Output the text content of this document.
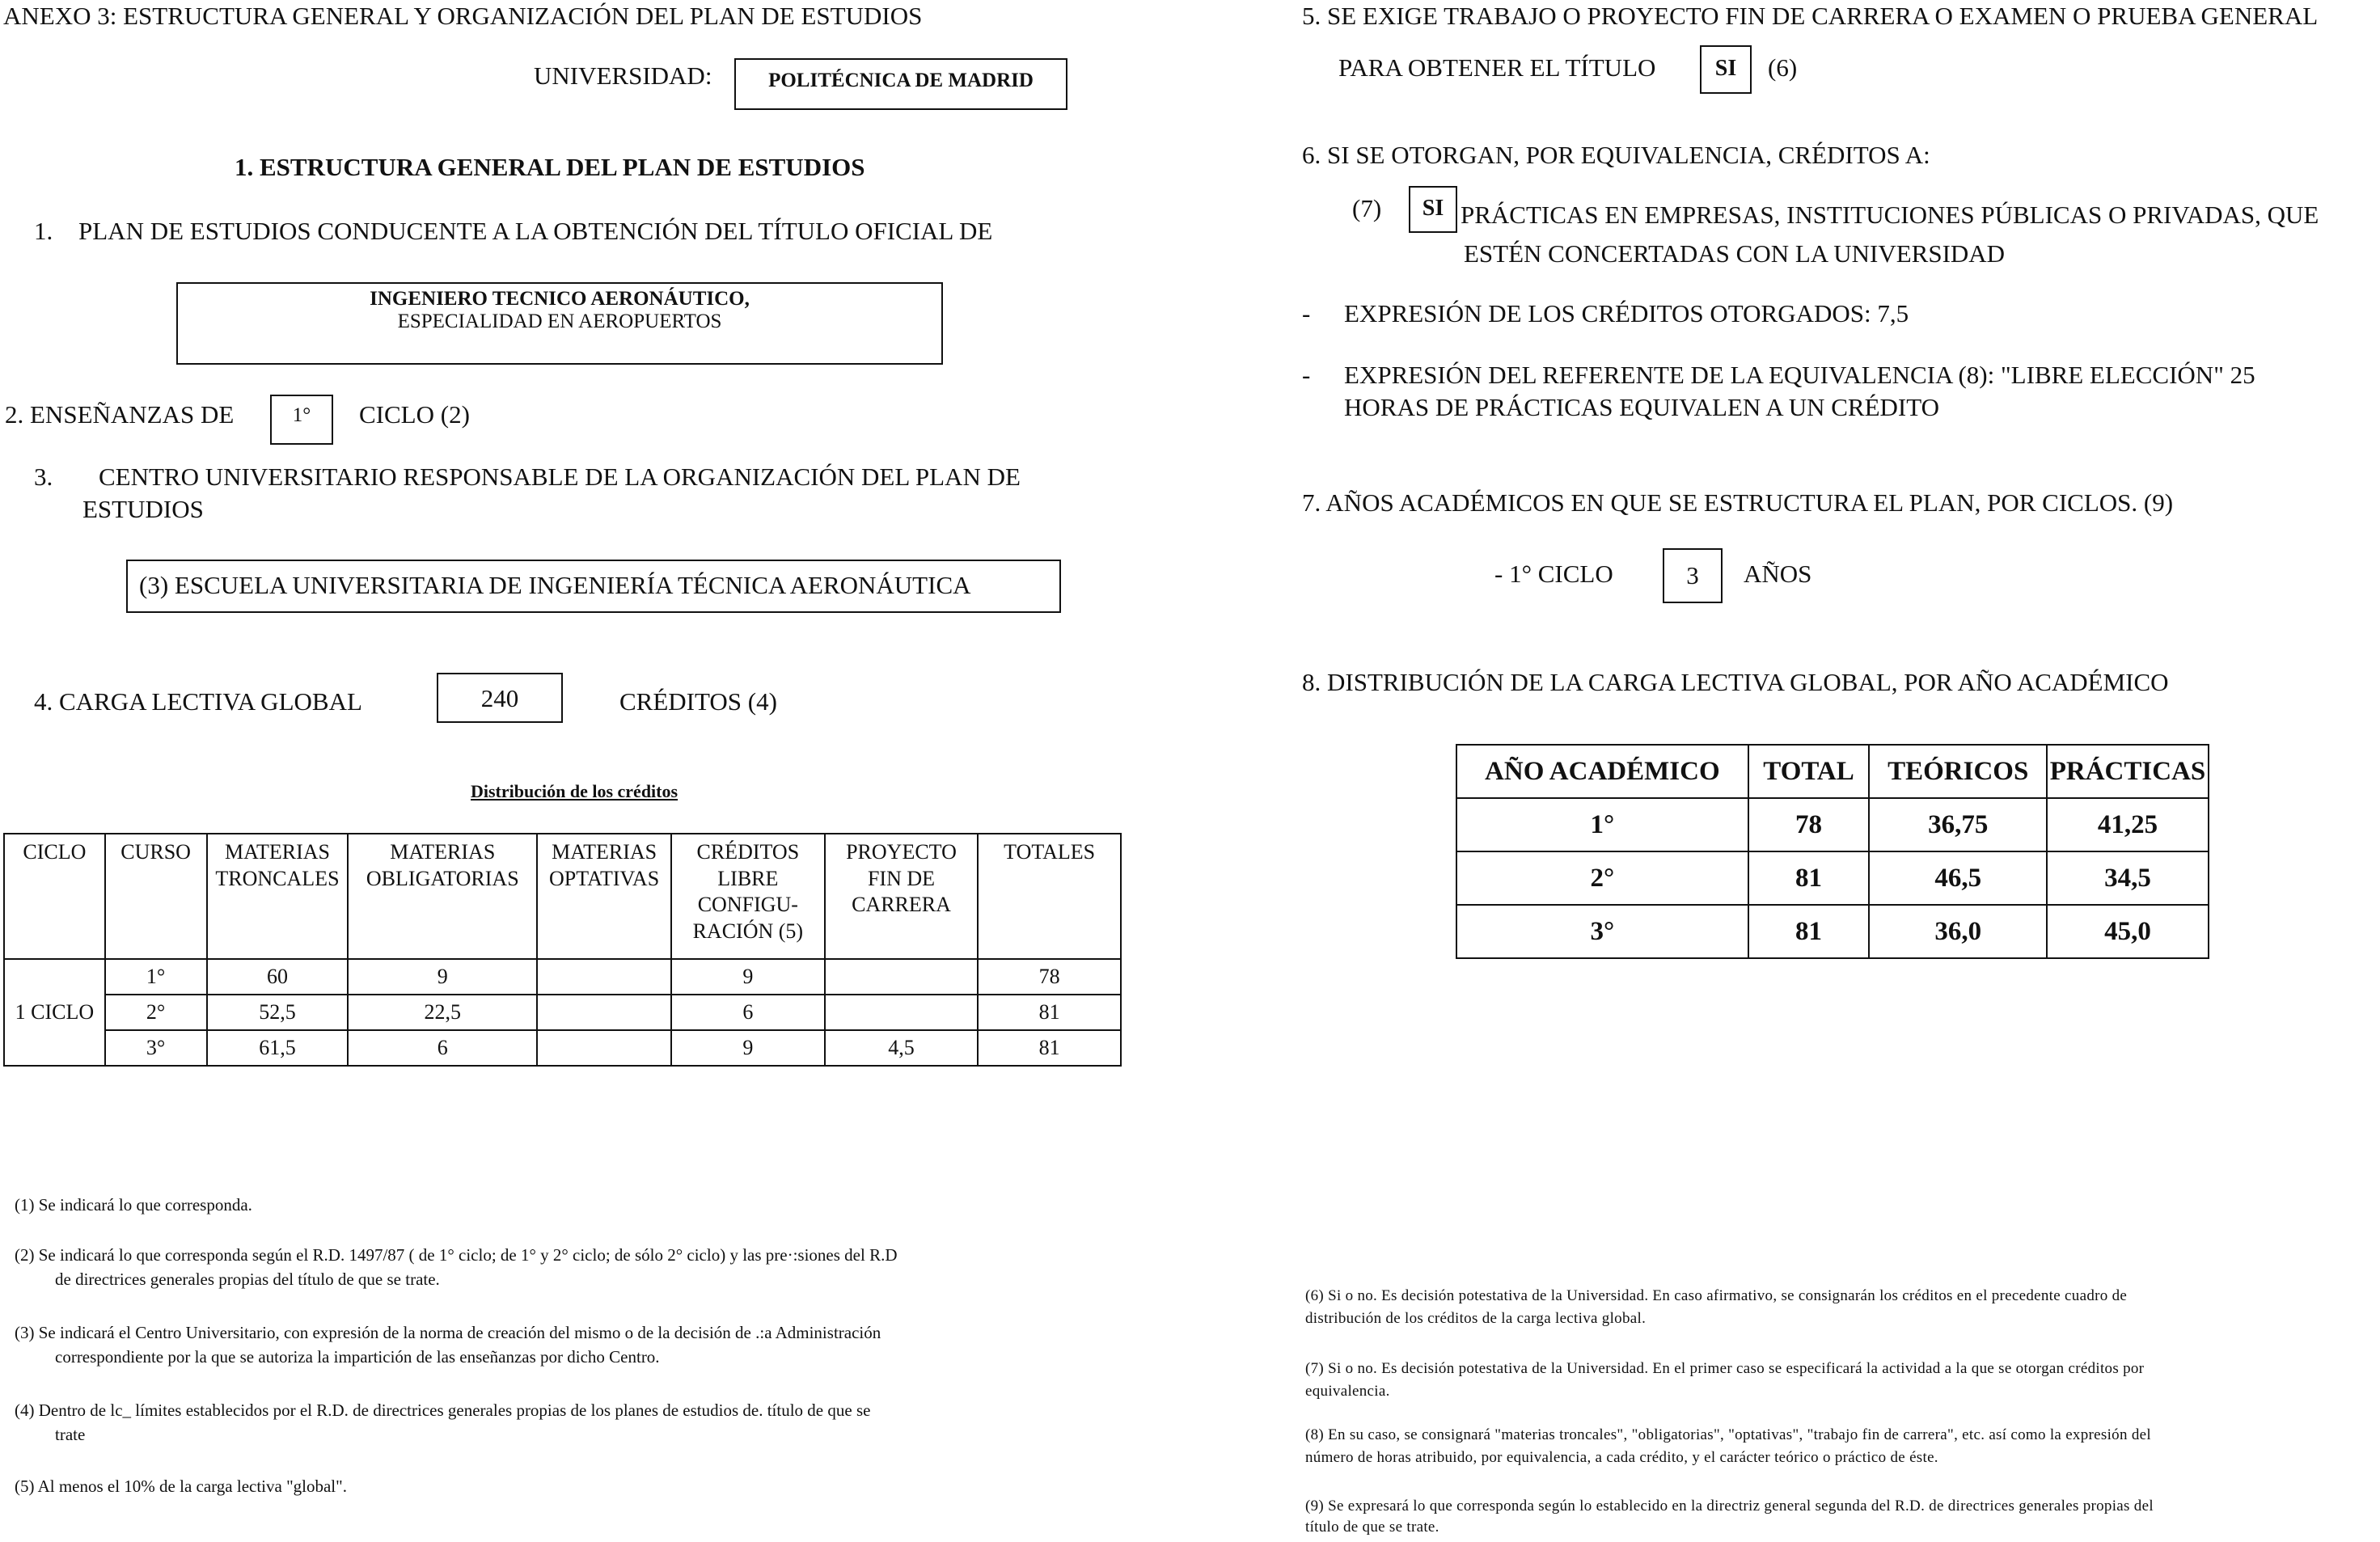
ANEXO 3: ESTRUCTURA GENERAL Y ORGANIZACIÓN DEL PLAN DE ESTUDIOS
UNIVERSIDAD:	POLITÉCNICA DE MADRID
1. ESTRUCTURA GENERAL DEL PLAN DE ESTUDIOS
1. PLAN DE ESTUDIOS CONDUCENTE A LA OBTENCIÓN DEL TÍTULO OFICIAL DE
INGENIERO TECNICO AERONÁUTICO,
ESPECIALIDAD EN AEROPUERTOS
2. ENSEÑANZAS DE	1°	CICLO (2)
3. CENTRO UNIVERSITARIO RESPONSABLE DE LA ORGANIZACIÓN DEL PLAN DE
ESTUDIOS
(3) ESCUELA UNIVERSITARIA DE INGENIERÍA TÉCNICA AERONÁUTICA
4. CARGA LECTIVA GLOBAL	240	CRÉDITOS (4)
Distribución de los créditos
CICLO	CURSO	MATERIAS TRONCALES	MATERIAS OBLIGATORIAS	MATERIAS OPTATIVAS	CRÉDITOS LIBRE CONFIGU- RACIÓN (5)	PROYECTO FIN DE CARRERA	TOTALES
1 CICLO	1°	60	9		9		78
	2°	52,5	22,5		6		81
	3°	61,5	6		9	4,5	81
(1) Se indicará lo que corresponda.
(2) Se indicará lo que corresponda según el R.D. 1497/87 ( de 1° ciclo; de 1° y 2° ciclo; de sólo 2° ciclo) y las pre·:siones del R.D
de directrices generales propias del título de que se trate.
(3) Se indicará el Centro Universitario, con expresión de la norma de creación del mismo o de la decisión de .:a Administración
correspondiente por la que se autoriza la impartición de las enseñanzas por dicho Centro.
(4) Dentro de lc_ límites establecidos por el R.D. de directrices generales propias de los planes de estudios de. título de que se
trate
(5) Al menos el 10% de la carga lectiva "global".
5. SE EXIGE TRABAJO O PROYECTO FIN DE CARRERA O EXAMEN O PRUEBA GENERAL
PARA OBTENER EL TÍTULO	SI	(6)
6. SI SE OTORGAN, POR EQUIVALENCIA, CRÉDITOS A:
(7)	SI PRÁCTICAS EN EMPRESAS, INSTITUCIONES PÚBLICAS O PRIVADAS, QUE
ESTÉN CONCERTADAS CON LA UNIVERSIDAD
- EXPRESIÓN DE LOS CRÉDITOS OTORGADOS: 7,5
- EXPRESIÓN DEL REFERENTE DE LA EQUIVALENCIA (8): "LIBRE ELECCIÓN" 25
HORAS DE PRÁCTICAS EQUIVALEN A UN CRÉDITO
7. AÑOS ACADÉMICOS EN QUE SE ESTRUCTURA EL PLAN, POR CICLOS. (9)
- 1° CICLO	3	AÑOS
8. DISTRIBUCIÓN DE LA CARGA LECTIVA GLOBAL, POR AÑO ACADÉMICO
AÑO ACADÉMICO	TOTAL	TEÓRICOS	PRÁCTICAS
1°	78	36,75	41,25
2°	81	46,5	34,5
3°	81	36,0	45,0
(6) Si o no. Es decisión potestativa de la Universidad. En caso afirmativo, se consignarán los créditos en el precedente cuadro de
distribución de los créditos de la carga lectiva global.
(7) Si o no. Es decisión potestativa de la Universidad. En el primer caso se especificará la actividad a la que se otorgan créditos por
equivalencia.
(8) En su caso, se consignará "materias troncales", "obligatorias", "optativas", "trabajo fin de carrera", etc. así como la expresión del
número de horas atribuido, por equivalencia, a cada crédito, y el carácter teórico o práctico de éste.
(9) Se expresará lo que corresponda según lo establecido en la directriz general segunda del R.D. de directrices generales propias del
título de que se trate.
